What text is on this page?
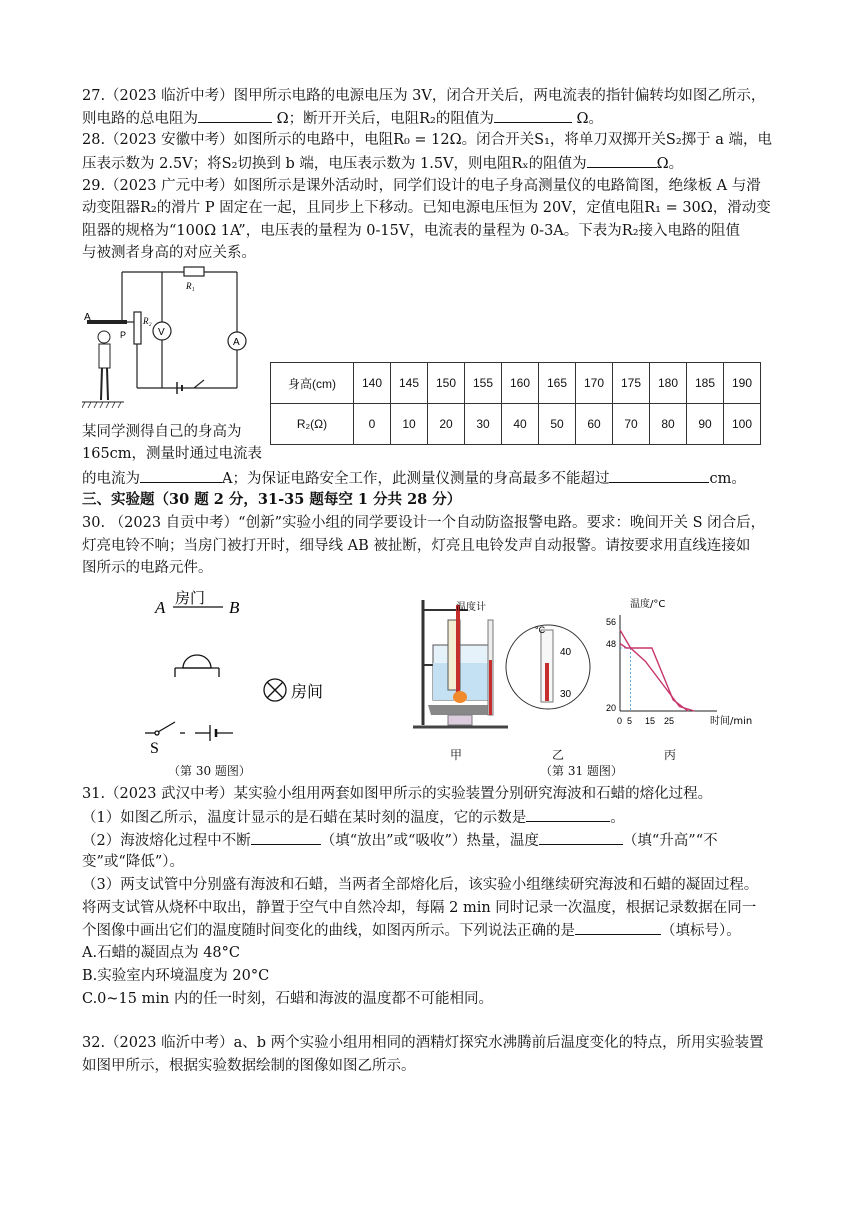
27.（2023 临沂中考）图甲所示电路的电源电压为 3V，闭合开关后，两电流表的指针偏转均如图乙所示，
则电路的总电阻为	Ω；断开开关后，电阻R₂的阻值为	Ω。
28.（2023 安徽中考）如图所示的电路中，电阻R₀ = 12Ω。闭合开关S₁，将单刀双掷开关S₂掷于 a 端，电
压表示数为 2.5V；将S₂切换到 b 端，电压表示数为 1.5V，则电阻Rₓ的阻值为	Ω。
29.（2023 广元中考）如图所示是课外活动时，同学们设计的电子身高测量仪的电路简图，绝缘板 A 与滑
动变阻器R₂的滑片 P 固定在一起，且同步上下移动。已知电源电压恒为 20V，定值电阻R₁ = 30Ω，滑动变
阻器的规格为“100Ω 1A”，电压表的量程为 0-15V，电流表的量程为 0-3A。下表为R₂接入电路的阻值
与被测者身高的对应关系。
A
P
R₁
R₂
V
A
身高(cm)	140	145	150	155	160	165	170	175	180	185	190
R₂(Ω)	0	10	20	30	40	50	60	70	80	90	100
某同学测得自己的身高为
165cm，测量时通过电流表
的电流为	A；为保证电路安全工作，此测量仪测量的身高最多不能超过	cm。
三、实验题（30 题 2 分，31-35 题每空 1 分共 28 分）
30. （2023 自贡中考）“创新”实验小组的同学要设计一个自动防盗报警电路。要求：晚间开关 S 闭合后，
灯亮电铃不响；当房门被打开时，细导线 AB 被扯断，灯亮且电铃发声自动报警。请按要求用直线连接如
图所示的电路元件。
A 房门 B
房间
S
（第 30 题图）
温度计
°C
40
30
温度/°C
时间/min
56
48
20
0 5 15 25
甲	乙	丙
（第 31 题图）
31.（2023 武汉中考）某实验小组用两套如图甲所示的实验装置分别研究海波和石蜡的熔化过程。
（1）如图乙所示，温度计显示的是石蜡在某时刻的温度，它的示数是	。
（2）海波熔化过程中不断	（填“放出”或“吸收”）热量，温度	（填“升高”“不
变”或“降低”）。
（3）两支试管中分别盛有海波和石蜡，当两者全部熔化后，该实验小组继续研究海波和石蜡的凝固过程。
将两支试管从烧杯中取出，静置于空气中自然冷却，每隔 2 min 同时记录一次温度，根据记录数据在同一
个图像中画出它们的温度随时间变化的曲线，如图丙所示。下列说法正确的是	（填标号）。
A.石蜡的凝固点为 48°C
B.实验室内环境温度为 20°C
C.0~15 min 内的任一时刻，石蜡和海波的温度都不可能相同。
32.（2023 临沂中考）a、b 两个实验小组用相同的酒精灯探究水沸腾前后温度变化的特点，所用实验装置
如图甲所示，根据实验数据绘制的图像如图乙所示。
